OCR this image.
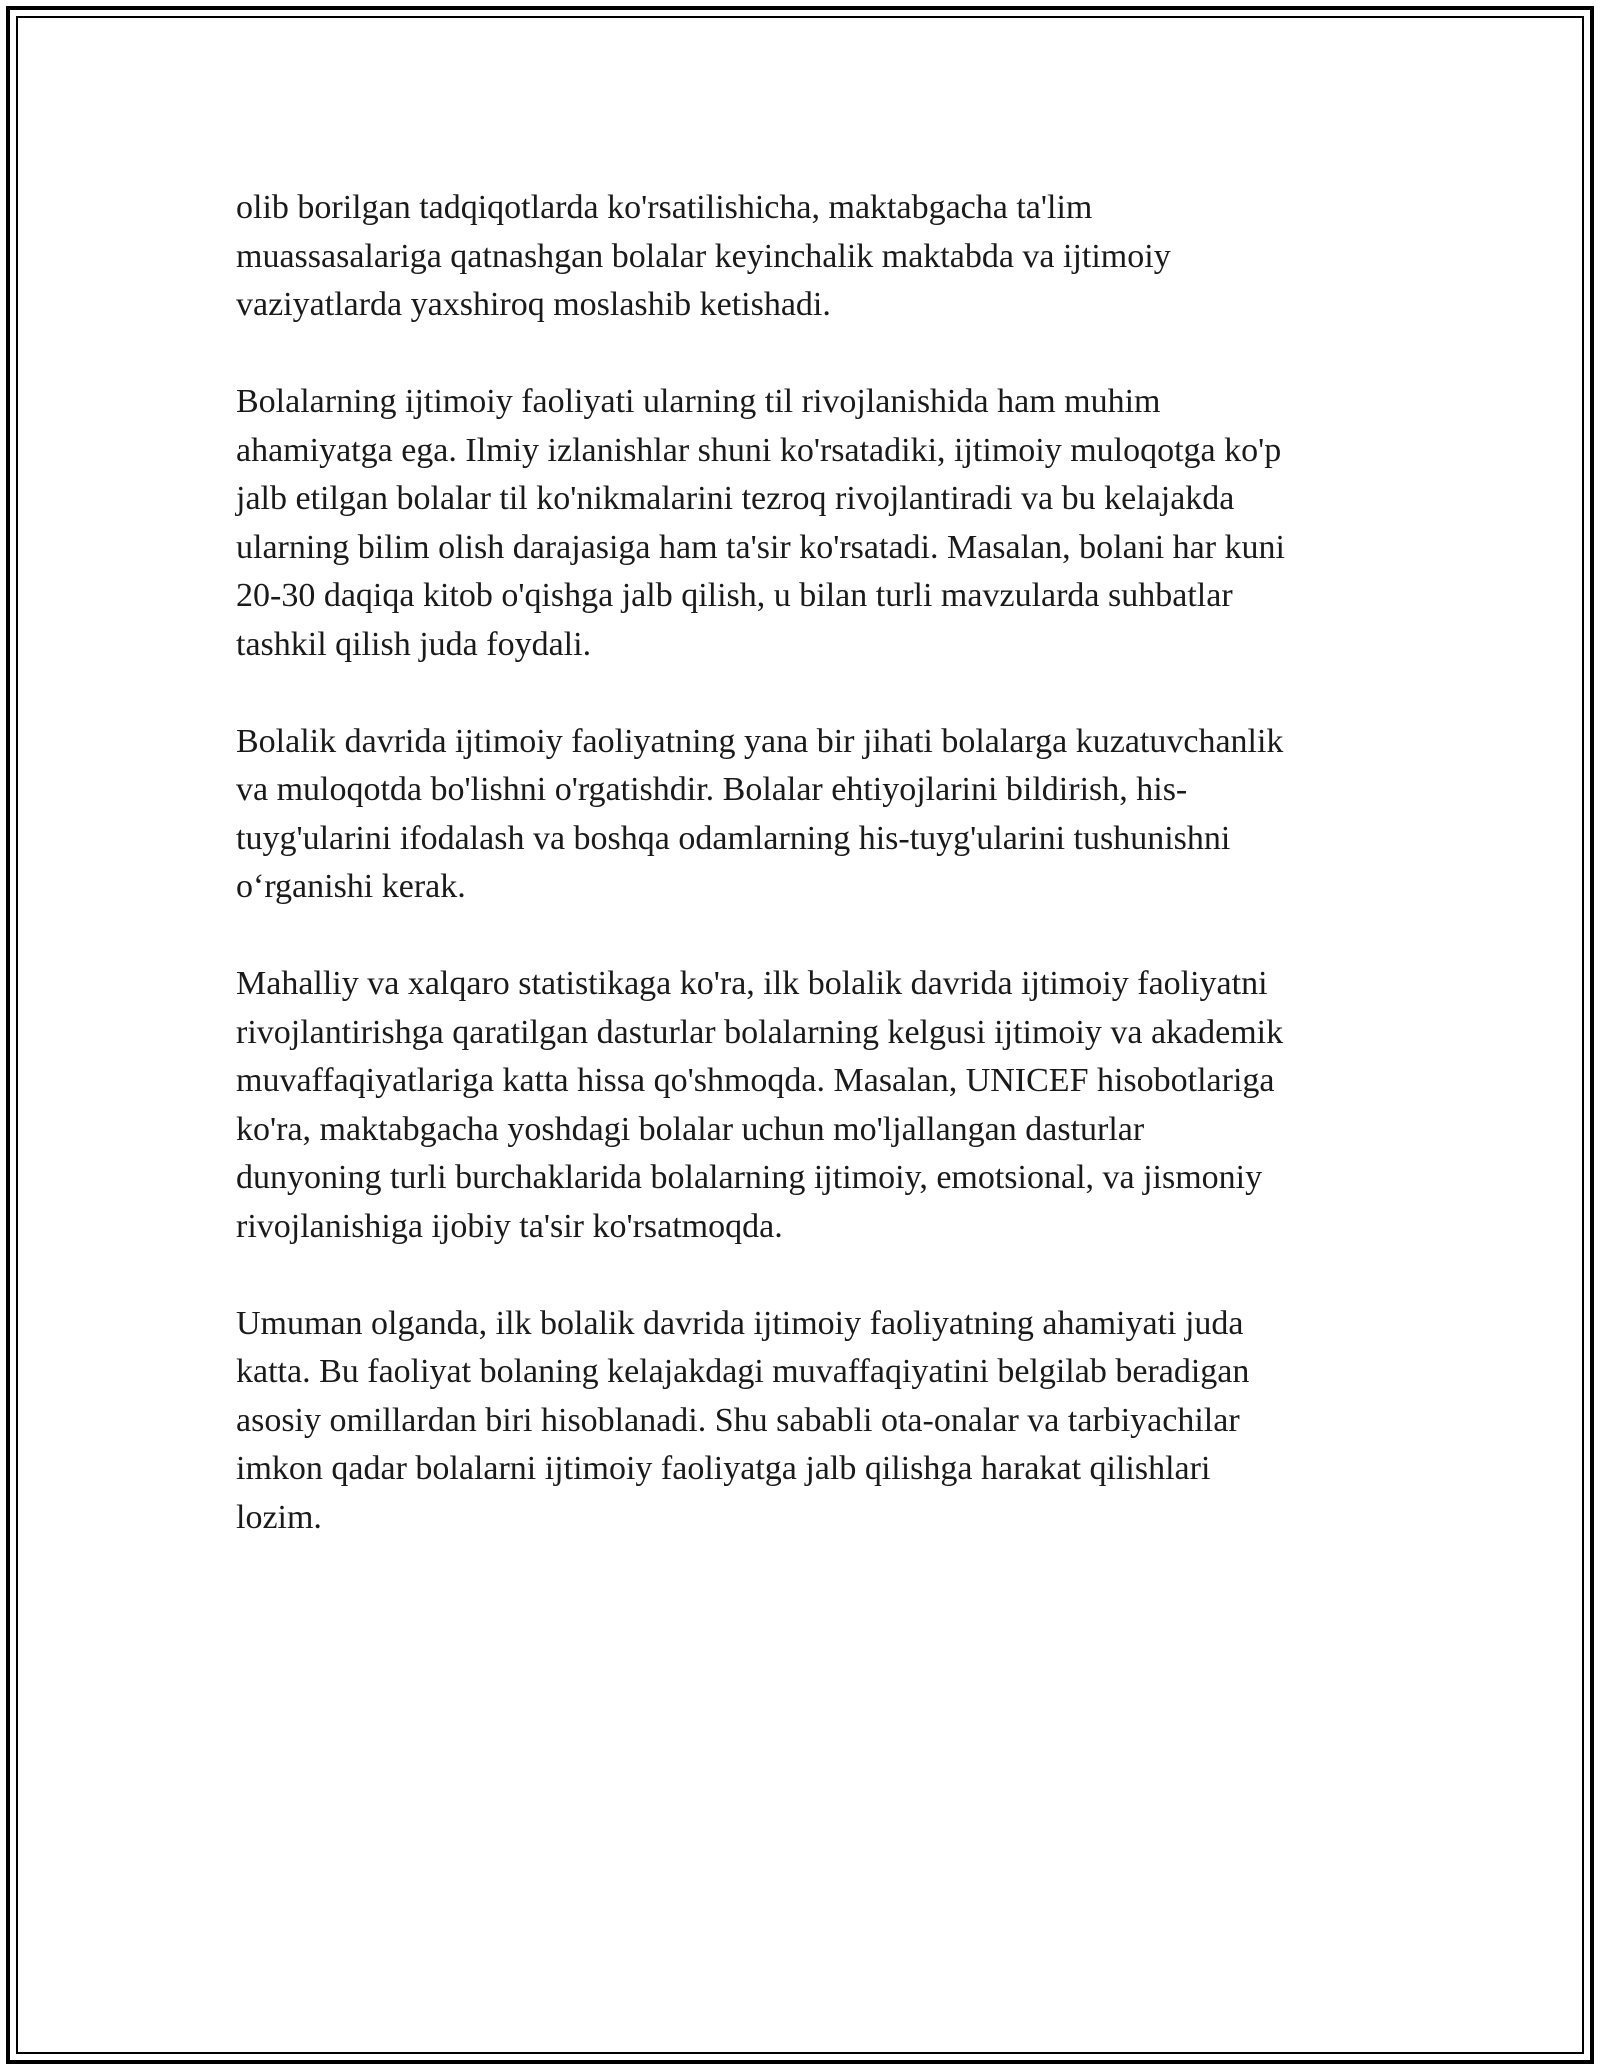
olib borilgan tadqiqotlarda ko'rsatilishicha, maktabgacha ta'lim
muassasalariga qatnashgan bolalar keyinchalik maktabda va ijtimoiy
vaziyatlarda yaxshiroq moslashib ketishadi.

Bolalarning ijtimoiy faoliyati ularning til rivojlanishida ham muhim
ahamiyatga ega. Ilmiy izlanishlar shuni ko'rsatadiki, ijtimoiy muloqotga ko'p
jalb etilgan bolalar til ko'nikmalarini tezroq rivojlantiradi va bu kelajakda
ularning bilim olish darajasiga ham ta'sir ko'rsatadi. Masalan, bolani har kuni
20-30 daqiqa kitob o'qishga jalb qilish, u bilan turli mavzularda suhbatlar
tashkil qilish juda foydali.

Bolalik davrida ijtimoiy faoliyatning yana bir jihati bolalarga kuzatuvchanlik
va muloqotda bo'lishni o'rgatishdir. Bolalar ehtiyojlarini bildirish, his-
tuyg'ularini ifodalash va boshqa odamlarning his-tuyg'ularini tushunishni
o‘rganishi kerak.

Mahalliy va xalqaro statistikaga ko'ra, ilk bolalik davrida ijtimoiy faoliyatni
rivojlantirishga qaratilgan dasturlar bolalarning kelgusi ijtimoiy va akademik
muvaffaqiyatlariga katta hissa qo'shmoqda. Masalan, UNICEF hisobotlariga
ko'ra, maktabgacha yoshdagi bolalar uchun mo'ljallangan dasturlar
dunyoning turli burchaklarida bolalarning ijtimoiy, emotsional, va jismoniy
rivojlanishiga ijobiy ta'sir ko'rsatmoqda.

Umuman olganda, ilk bolalik davrida ijtimoiy faoliyatning ahamiyati juda
katta. Bu faoliyat bolaning kelajakdagi muvaffaqiyatini belgilab beradigan
asosiy omillardan biri hisoblanadi. Shu sababli ota-onalar va tarbiyachilar
imkon qadar bolalarni ijtimoiy faoliyatga jalb qilishga harakat qilishlari
lozim.
